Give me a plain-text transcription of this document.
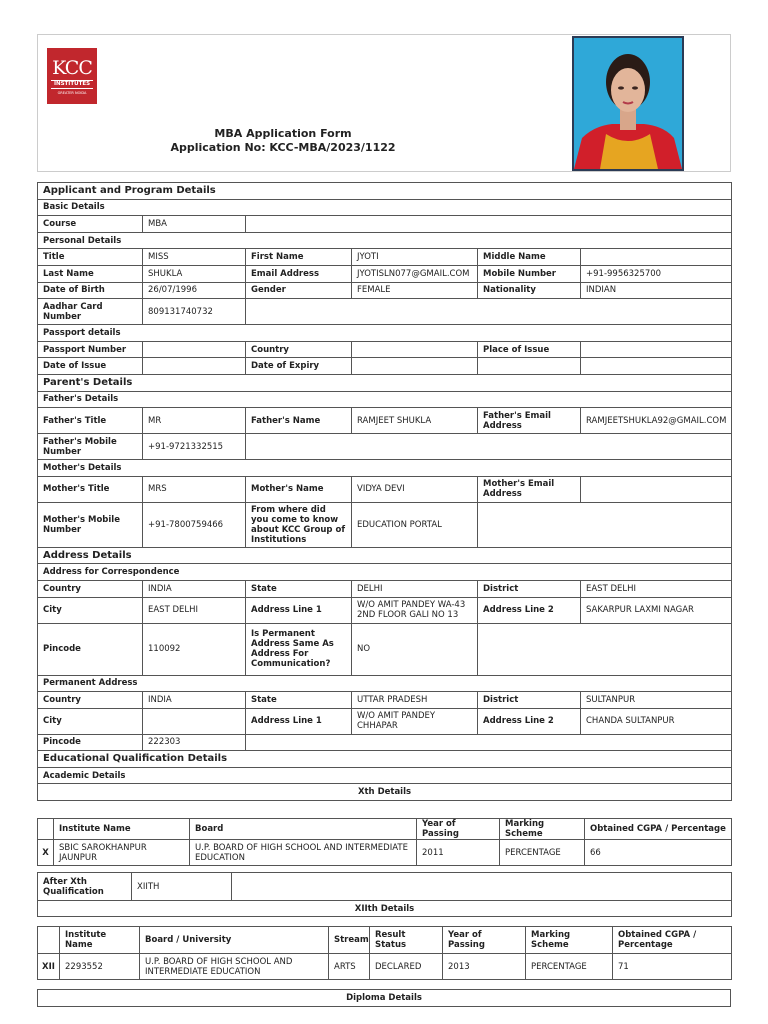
KCC
INSTITUTES
GREATER NOIDA
MBA Application Form
Application No: KCC-MBA/2023/1122
Applicant and Program Details					
Basic Details					
Course	MBA				
Personal Details					
Title	MISS	First Name	JYOTI	Middle Name	
Last Name	SHUKLA	Email Address	JYOTISLN077@GMAIL.COM	Mobile Number	+91-9956325700
Date of Birth	26/07/1996	Gender	FEMALE	Nationality	INDIAN
Aadhar Card Number	809131740732				
Passport details					
Passport Number		Country		Place of Issue	
Date of Issue		Date of Expiry			
Parent's Details					
Father's Details					
Father's Title	MR	Father's Name	RAMJEET SHUKLA	Father's Email Address	RAMJEETSHUKLA92@GMAIL.COM
Father's Mobile Number	+91-9721332515				
Mother's Details					
Mother's Title	MRS	Mother's Name	VIDYA DEVI	Mother's Email Address	
Mother's Mobile Number	+91-7800759466	From where did you come to know about KCC Group of Institutions	EDUCATION PORTAL		
Address Details					
Address for Correspondence					
Country	INDIA	State	DELHI	District	EAST DELHI
City	EAST DELHI	Address Line 1	W/O AMIT PANDEY WA-43 2ND FLOOR GALI NO 13	Address Line 2	SAKARPUR LAXMI NAGAR
Pincode	110092	Is Permanent Address Same As Address For Communication?	NO		
Permanent Address					
Country	INDIA	State	UTTAR PRADESH	District	SULTANPUR
City		Address Line 1	W/O AMIT PANDEY CHHAPAR	Address Line 2	CHANDA SULTANPUR
Pincode	222303				
Educational Qualification Details					
Academic Details					
Xth Details					
	Institute Name	Board	Year of Passing	Marking Scheme	Obtained CGPA / Percentage
X	SBIC SAROKHANPUR JAUNPUR	U.P. BOARD OF HIGH SCHOOL AND INTERMEDIATE EDUCATION	2011	PERCENTAGE	66
After Xth Qualification	XIITH	
XIIth Details
	Institute Name	Board / University	Stream	Result Status	Year of Passing	Marking Scheme	Obtained CGPA / Percentage
XII	2293552	U.P. BOARD OF HIGH SCHOOL AND INTERMEDIATE EDUCATION	ARTS	DECLARED	2013	PERCENTAGE	71
Diploma Details
